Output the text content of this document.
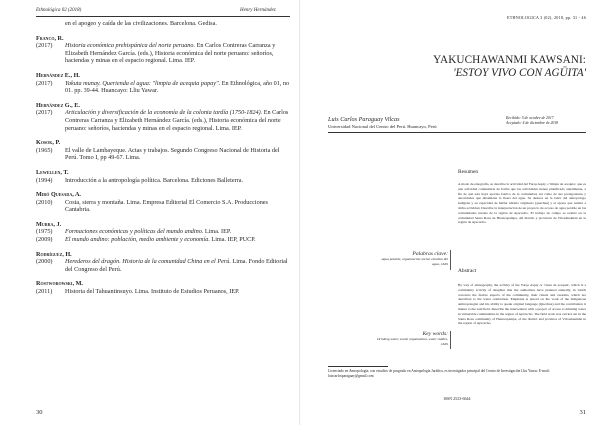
Ethnológica 02 (2018)	Henry Hernández
en el apogeo y caída de las civilizaciones. Barcelona. Gedisa.
Franco, R.
(2017)	Historia económica prehispánica del norte peruano. En Carlos Contreras Carranza y Elizabeth Hernández García. (eds.), Historia económica del norte peruano: señoríos, haciendas y minas en el espacio regional. Lima. IEP.
Hernández E., H.
(2017)	Yakuta munay. Querienda el agua: "limpia de acequia papay". En Ethnológica, año 01, no 01. pp. 39-44. Huancayo: Lliu Yawar.
Hernández G., E.
(2017)	Articulación y diversificación de la economía de la colonia tardía (1750-1824). En Carlos Contreras Carranza y Elizabeth Hernández García. (eds.), Historia económica del norte peruano: señoríos, haciendas y minas en el espacio regional. Lima. IEP.
Kosok, P.
(1965)	El valle de Lambayeque. Actas y trabajos. Segundo Congreso Nacional de Historia del Perú. Tomo I, pp 49-67. Lima.
Lewellen, T.
(1994)	Introducción a la antropología política. Barcelona. Ediciones Balleterra.
Miró Quesada, A.
(2010)	Costa, sierra y montaña. Lima. Empresa Editorial El Comercio S.A. Producciones Cantabria.
Murra, J.
(1975)	Formaciones económicas y políticas del mundo andino. Lima. IEP.
(2009)	El mundo andino: población, medio ambiente y economía. Lima. IEP, PUCP.
Rodríguez, H.
(2000)	Herederos del dragón. Historia de la comunidad China en el Perú. Lima. Fondo Editorial del Congreso del Perú.
Rostworowski, M.
(2011)	Historia del Tahuantinsuyo. Lima. Instituto de Estudios Peruanos, IEP.
30
ETHNOLOGICA 3 (02), 2018, pp. 31 - 46
YAKUCHAWANMI KAWSANI:
'ESTOY VIVO CON AGÜITA'
Luis Carlos Paraguay Vilcas
Universidad Nacional del Centro del Perú. Huancayo, Perú
Recibido: 5 de octubre de 2017
Aceptado: 4 de diciembre de 2018
Resumen
A modo de etnografía, se describe la actividad del Yarqa Aspiy o 'limpia de acequia', que es una actividad comunitaria de forma que las actividades tienen planificado anualmente, a fin de que esta haya aportes festivo de la comunidad, así como de sus protagonistas y autoridades que dinamizan la fiesta del agua. Se destaca en la labor del antropólogo indígena y su capacidad de hablar idioma originario (quechua) y el aporte que realiza a dicha actividad. Describe la interpretación de un proyecto de acceso de agua potable en las comunidades rurales de la región de Ayacucho. El trabajo de campo se realizó en la comunidad Santa Rosa de Huancapampa, del distrito y provincia de Vilcashuamán en la región de Ayacucho.
Palabras clave:
Agua potable, organización social, estudios del agua, JASS
Abstract
By way of ethnography, the activity of the Yarqa Aspiy or 'clean de acequia', which is a community activity of daughter that the authorities have planned annually, in which concerns the festive aspects of the community, their rituals and customs, which are described to the water celebration. Emphasis is placed on the work of the indigenous anthropologist and his ability to speak original language (Quechua) and the contribution it makes to the said field. Describe the intervention with a project of access to drinking water in vulnerable communities in the region of Ayacucho. The field work was carried out in the Santa Rosa community of Huancapampa, of the district and province of Vilcashuamán in the region of Ayacucho.
Key words:
Drinking water, social organization, water studies, JASS
Licenciado en Antropología; con estudios de posgrado en Antropología Jurídica, es investigador principal del Centro de Investigación Lliu Yawar. E-mail: luiscarlosparaguay@gmail.com
ISSN 2523-6644
31
